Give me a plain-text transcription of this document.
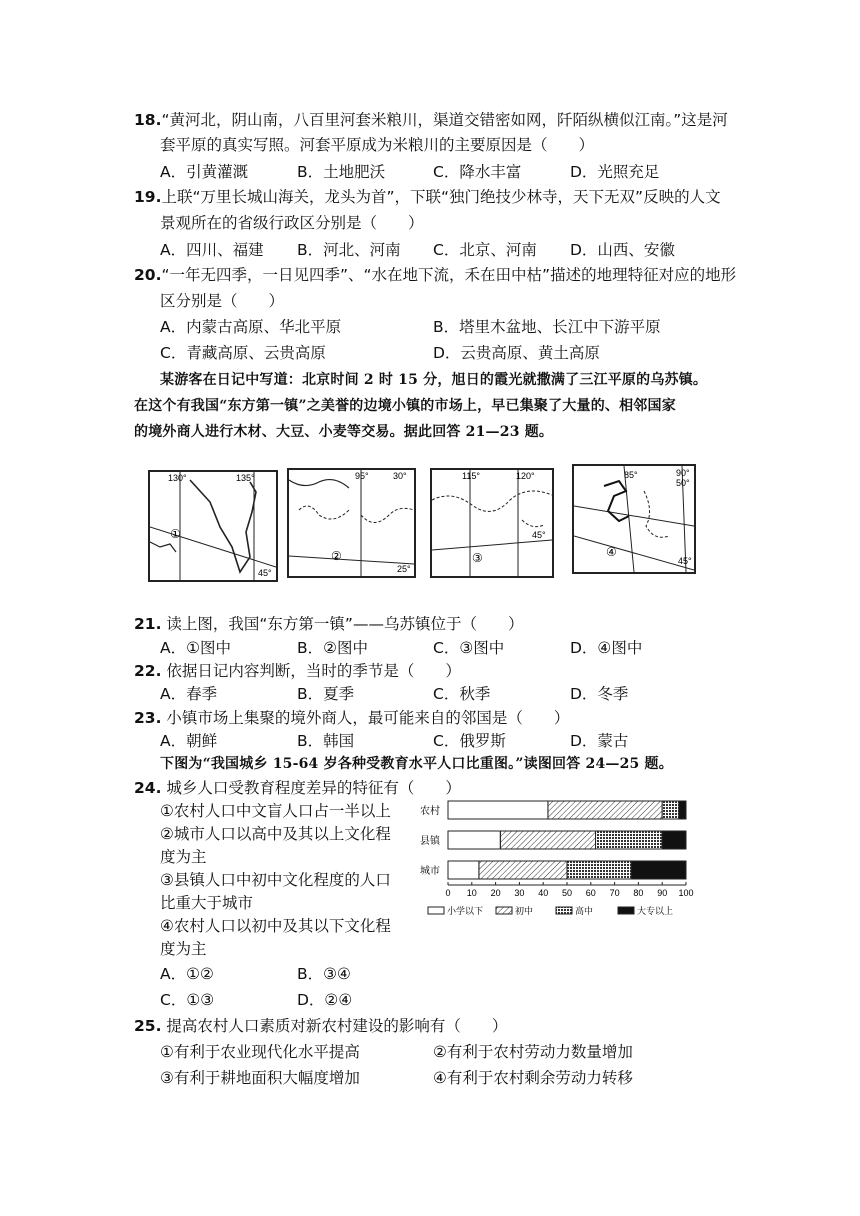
18.“黄河北，阴山南，八百里河套米粮川，渠道交错密如网，阡陌纵横似江南。”这是河
套平原的真实写照。河套平原成为米粮川的主要原因是（　　）
A．引黄灌溉	B．土地肥沃	C．降水丰富	D．光照充足
19.上联“万里长城山海关，龙头为首”，下联“独门绝技少林寺，天下无双”反映的人文
景观所在的省级行政区分别是（　　）
A．四川、福建 B．河北、河南 C．北京、河南 D．山西、安徽
20.“一年无四季，一日见四季”、“水在地下流，禾在田中枯”描述的地理特征对应的地形
区分别是（　　）
A．内蒙古高原、华北平原	B．塔里木盆地、长江中下游平原
C．青藏高原、云贵高原	D．云贵高原、黄土高原
某游客在日记中写道：北京时间 2 时 15 分，旭日的霞光就撒满了三江平原的乌苏镇。
在这个有我国“东方第一镇”之美誉的边境小镇的市场上，早已集聚了大量的、相邻国家
的境外商人进行木材、大豆、小麦等交易。据此回答 21—23 题。
130°	135°
45°
①
95°	30°
25°
②
115°	120°
45°
③
85°	90°
50°
45°
④
21. 读上图，我国“东方第一镇”——乌苏镇位于（　　）
A．①图中	B．②图中	C．③图中	D．④图中
22. 依据日记内容判断，当时的季节是（　　）
A．春季	B．夏季	C．秋季	D．冬季
23. 小镇市场上集聚的境外商人，最可能来自的邻国是（　　）
A．朝鲜	B．韩国	C．俄罗斯	D．蒙古
下图为“我国城乡 15-64 岁各种受教育水平人口比重图。”读图回答 24—25 题。
24. 城乡人口受教育程度差异的特征有（　　）
①农村人口中文盲人口占一半以上
②城市人口以高中及其以上文化程
度为主
③县镇人口中初中文化程度的人口
比重大于城市
④农村人口以初中及其以下文化程
度为主
A．①②	B．③④
C．①③	D．②④
农村
县镇
城市
0 10 20 30 40 50 60 70 80 90 100
小学以下	初中	高中	大专以上
25. 提高农村人口素质对新农村建设的影响有（　　）
①有利于农业现代化水平提高	②有利于农村劳动力数量增加
③有利于耕地面积大幅度增加	④有利于农村剩余劳动力转移
